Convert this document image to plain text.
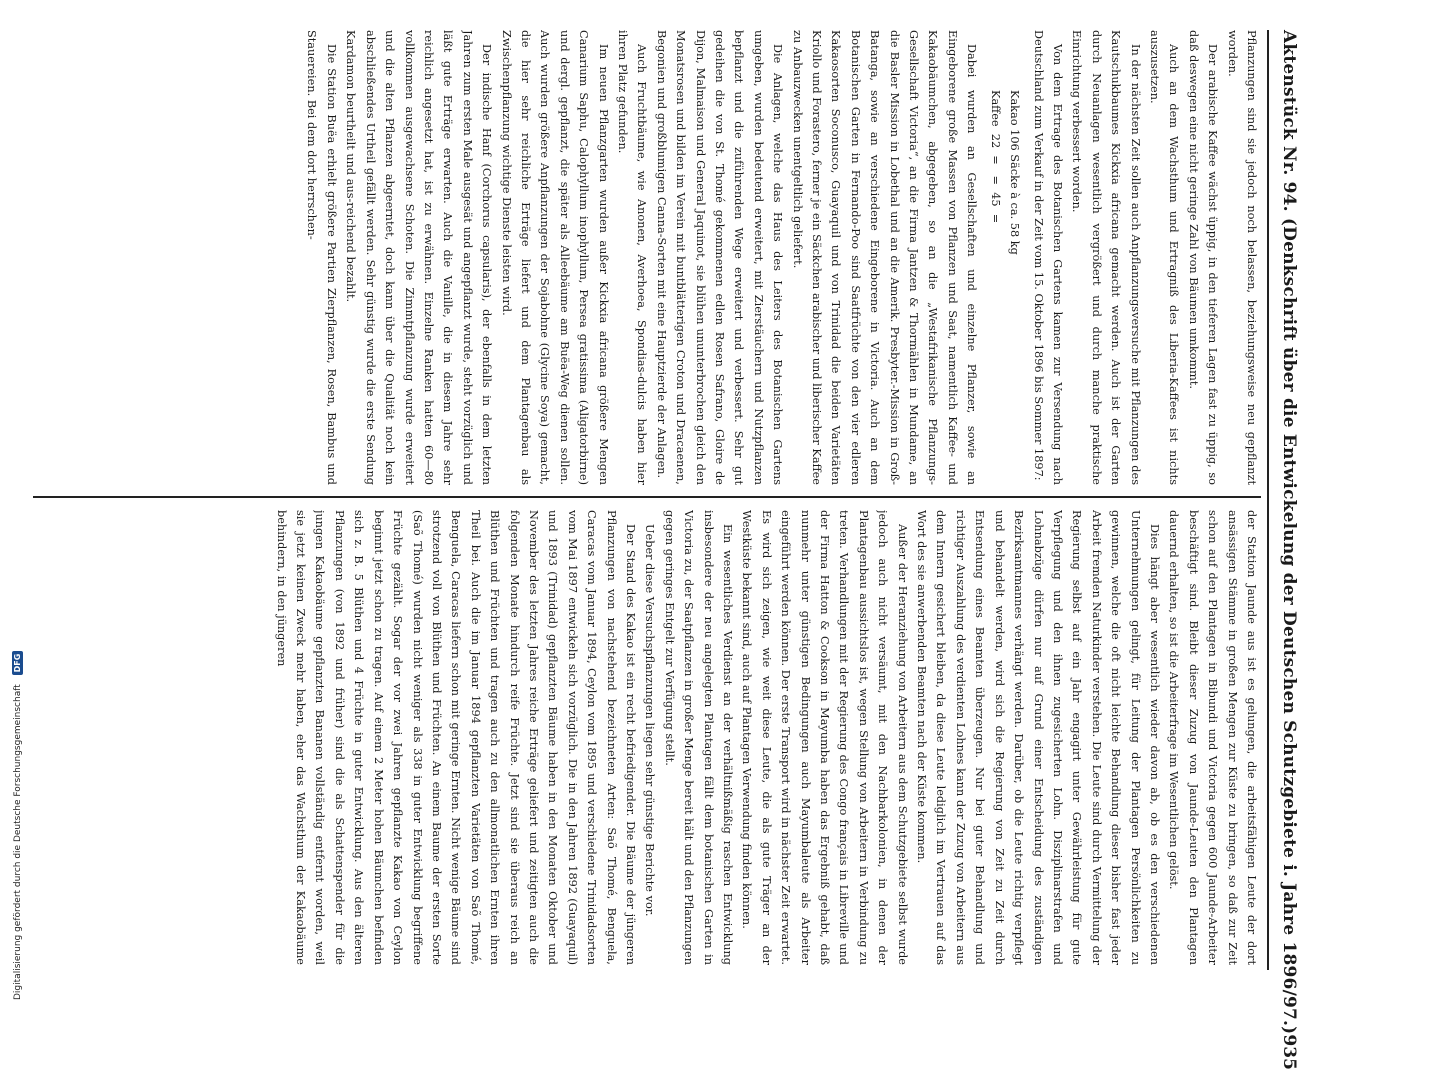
Aktenstück Nr. 94. (Denkschrift über die Entwickelung der Deutschen Schutzgebiete i. Jahre 1896/97.)
935

Pflanzungen sind sie jedoch noch belassen, beziehungsweise neu gepflanzt worden.

Der arabische Kaffee wächst üppig, in den tieferen Lagen fast zu üppig, so daß deswegen eine nicht geringe Zahl von Bäumen umkommt.

Auch an dem Wachsthum und Ertragniß des Liberia-Kaffees ist nichts auszusetzen.

In der nächsten Zeit sollen auch Anpflanzungsversuche mit Pflanzungen des Kautschukbaumes Kickxia africana gemacht werden. Auch ist der Garten durch Neuanlagen wesentlich vergrößert und durch manche praktische Einrichtung verbessert worden.

Von dem Ertrage des Botanischen Gartens kamen zur Versendung nach Deutschland zum Verkauf in der Zeit vom 15. Oktober 1896 bis Sommer 1897:

Kakao 106 Säcke à ca. 58 kg
Kaffee  22  =   =  45  =

Dabei wurden an Gesellschaften und einzelne Pflanzer, sowie an Eingeborene große Massen von Pflanzen und Saat, namentlich Kaffee- und Kakaobäumchen, abgegeben, so an die „Westafrikanische Pflanzungs-Gesellschaft Victoria“, an die Firma Jantzen & Thormählen in Mundame, an die Basler Mission in Lobethal und an die Amerik. Presbyter.-Mission in Groß-Batanga, sowie an verschiedene Eingeborene in Victoria. Auch an dem Botanischen Garten in Fernando-Poo sind Saatfrüchte von den vier edleren Kakaosorten Soconusco, Guayaquil und von Trinidad die beiden Varietäten Kriollo und Forastero, ferner je ein Säckchen arabischer und liberischer Kaffee zu Anbauzwecken unentgeltlich geliefert.

Die Anlagen, welche das Haus des Leiters des Botanischen Gartens umgeben, wurden bedeutend erweitert, mit Zierstäuchern und Nutzpflanzen bepflanzt und die zuführenden Wege erweitert und verbessert. Sehr gut gedeihen die von St. Thomé gekommenen edlen Rosen Safrano, Gloire de Dijon, Malmaison und General Jaquinot, sie blühen ununterbrochen gleich den Monatsrosen und bilden im Verein mit buntblätterigen Croton und Dracaenen, Begonien und großblumigen Canna-Sorten mit eine Hauptzierde der Anlagen.

Auch Fruchtbäume, wie Anonen, Averhoea, Spondias-dulcis haben hier ihren Platz gefunden.

Im neuen Pflanzgarten wurden außer Kickxia africana größere Mengen Canarium Saphu, Calophyllum inophyllum, Persea gratissima (Aligatorbirne) und dergl. gepflanzt, die später als Alleebäume am Buëa-Weg dienen sollen. Auch wurden größere Anpflanzungen der Sojabohne (Glycine Soya) gemacht, die hier sehr reichliche Erträge liefert und dem Plantagenbau als Zwischenpflanzung wichtige Dienste leisten wird.

Der indische Hanf (Corchorus capsularis), der ebenfalls in dem letzten Jahren zum ersten Male ausgesät und angepflanzt wurde, steht vorzüglich und läßt gute Erträge erwarten. Auch die Vanille, die in diesem Jahre sehr reichlich angesetzt hat, ist zu erwähnen. Einzelne Ranken hatten 60—80 vollkommen ausgewachsene Schoten. Die Zimmtpflanzung wurde erweitert und die alten Pflanzen abgeerntet, doch kann über die Qualität noch kein abschließendes Urtheil gefällt werden. Sehr günstig wurde die erste Sendung Kardamon beurtheilt und aus-reichend bezahlt.

Die Station Buëa erhielt größere Partien Zierpflanzen, Rosen, Bambus und Stauereien. Bei dem dort herrschen-

der Station Jaunde aus ist es gelungen, die arbeitsfähigen Leute der dort ansässigen Stämme in großen Mengen zur Küste zu bringen, so daß zur Zeit schon auf den Plantagen in Bibundi und Victoria gegen 600 Jaunde-Arbeiter beschäftigt sind. Bleibt dieser Zuzug von Jaunde-Leuten den Plantagen dauernd erhalten, so ist die Arbeiterfrage im Wesentlichen gelöst.

Dies hängt aber wesentlich wieder davon ab, ob es den verschiedenen Unternehmungen gelingt, für Leitung der Plantagen Persönlichkeiten zu gewinnen, welche die oft nicht leichte Behandlung dieser bisher fast jeder Arbeit fremden Naturkinder verstehen. Die Leute sind durch Vermittelung der Regierung selbst auf ein Jahr engagirt unter Gewährleistung für gute Verpflegung und den ihnen zugesicherten Lohn. Disziplinarstrafen und Lohnabzüge dürfen nur auf Grund einer Entscheidung des zuständigen Bezirksamtmannes verhängt werden. Darüber, ob die Leute richtig verpflegt und behandelt werden, wird sich die Regierung von Zeit zu Zeit durch Entsendung eines Beamten überzeugen. Nur bei guter Behandlung und richtiger Auszahlung des verdienten Lohnes kann der Zuzug von Arbeitern aus dem Innern gesichert bleiben, da diese Leute lediglich im Vertrauen auf das Wort des sie anwerbenden Beamten nach der Küste kommen.

Außer der Heranziehung von Arbeitern aus dem Schutzgebiete selbst wurde jedoch auch nicht versäumt, mit den Nachbarkolonien, in denen der Plantagenbau aussichtslos ist, wegen Stellung von Arbeitern in Verbindung zu treten. Verhandlungen mit der Regierung des Congo français in Libreville und der Firma Hatton & Cookson in Mayumba haben das Ergebniß gehabt, daß nunmehr unter günstigen Bedingungen auch Mayumbaleute als Arbeiter eingeführt werden können. Der erste Transport wird in nächster Zeit erwartet. Es wird sich zeigen, wie weit diese Leute, die als gute Träger an der Westküste bekannt sind, auch auf Plantagen Verwendung finden können.

Ein wesentliches Verdienst an der verhältnißmäßig raschen Entwicklung insbesondere der neu angelegten Plantagen fällt dem botanischen Garten in Victoria zu, der Saatpflanzen in großer Menge bereit hält und den Pflanzungen gegen geringes Entgelt zur Verfügung stellt.

Ueber diese Versuchspflanzungen liegen sehr günstige Berichte vor.

Der Stand des Kakao ist ein recht befriedigender. Die Bäume der jüngeren Pflanzungen von nachstehend bezeichneten Arten: Saõ Thomé, Benguela, Caracas vom Januar 1894, Ceylon vom 1895 und verschiedene Trinidadsorten vom Mai 1897 entwickeln sich vorzüglich. Die in den Jahren 1892 (Guayaquil) und 1893 (Trinidad) gepflanzten Bäume haben in den Monaten Oktober und November des letzten Jahres reiche Erträge geliefert und zeitigten auch die folgenden Monate hindurch reife Früchte. Jetzt sind sie überaus reich an Blüthen und Früchten und tragen auch zu den allmonatlichen Ernten ihren Theil bei. Auch die im Januar 1894 gepflanzten Varietäten von Saõ Thomé, Benguela, Caracas liefern schon mit geringe Ernten. Nicht wenige Bäume sind strotzend voll von Blüthen und Früchten. An einem Baume der ersten Sorte (Saõ Thomé) wurden nicht weniger als 338 in guter Entwicklung begriffene Früchte gezählt. Sogar der vor zwei Jahren gepflanzte Kakao von Ceylon beginnt jetzt schon zu tragen. Auf einem 2 Meter hohen Bäumchen befinden sich z. B. 5 Blüthen und 4 Früchte in guter Entwicklung. Aus den älteren Pflanzungen (von 1892 und früher) sind die als Schattenspender für die jungen Kakaobäume gepflanzten Bananen vollständig entfernt worden, weil sie jetzt keinen Zweck mehr haben, eher das Wachsthum der Kakaobäume behindern, in den jüngeren

Digitalisierung gefördert durch die Deutsche Forschungsgemeinschaft DFG
